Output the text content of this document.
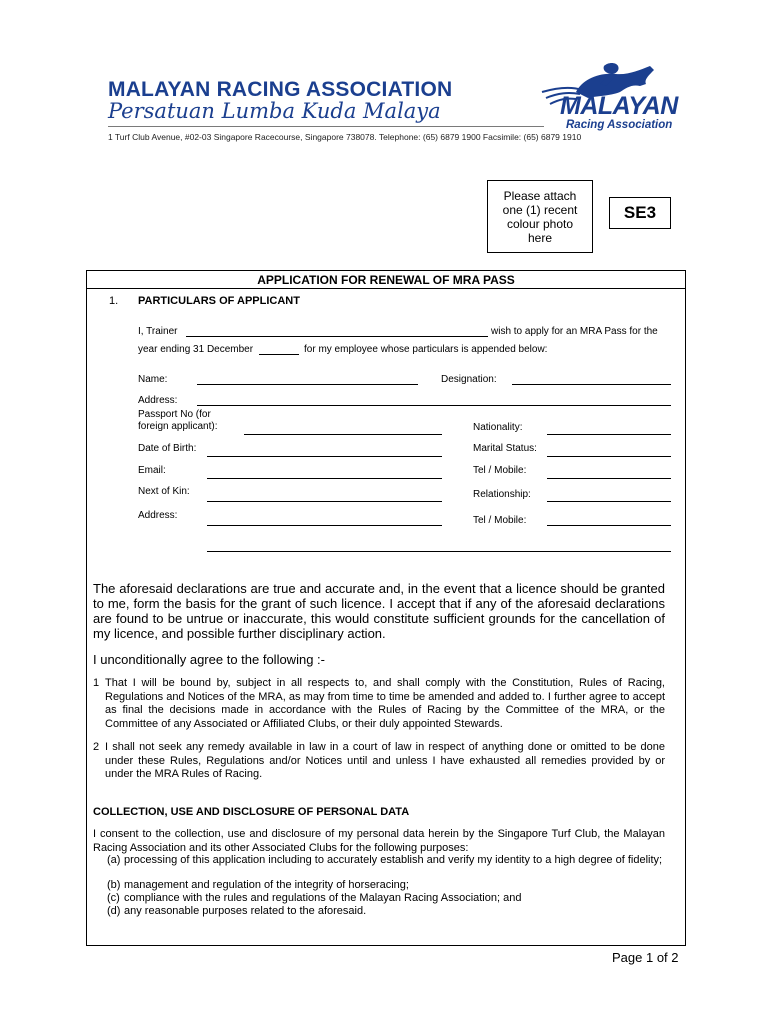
MALAYAN RACING ASSOCIATION
Persatuan Lumba Kuda Malaya
1 Turf Club Avenue, #02-03 Singapore Racecourse, Singapore 738078. Telephone: (65) 6879 1900 Facsimile: (65) 6879 1910
MALAYAN
Racing Association
Please attach one (1) recent colour photo here
SE3
APPLICATION FOR RENEWAL OF MRA PASS
1. PARTICULARS OF APPLICANT
I, Trainer	wish to apply for an MRA Pass for the
year ending 31 December	for my employee whose particulars is appended below:
Name:	Designation:
Address:
Passport No (for foreign applicant):	Nationality:
Date of Birth:	Marital Status:
Email:	Tel / Mobile:
Next of Kin:	Relationship:
Address:	Tel / Mobile:
The aforesaid declarations are true and accurate and, in the event that a licence should be granted to me, form the basis for the grant of such licence. I accept that if any of the aforesaid declarations are found to be untrue or inaccurate, this would constitute sufficient grounds for the cancellation of my licence, and possible further disciplinary action.
I unconditionally agree to the following :-
1 That I will be bound by, subject in all respects to, and shall comply with the Constitution, Rules of Racing, Regulations and Notices of the MRA, as may from time to time be amended and added to. I further agree to accept as final the decisions made in accordance with the Rules of Racing by the Committee of the MRA, or the Committee of any Associated or Affiliated Clubs, or their duly appointed Stewards.
2 I shall not seek any remedy available in law in a court of law in respect of anything done or omitted to be done under these Rules, Regulations and/or Notices until and unless I have exhausted all remedies provided by or under the MRA Rules of Racing.
COLLECTION, USE AND DISCLOSURE OF PERSONAL DATA
I consent to the collection, use and disclosure of my personal data herein by the Singapore Turf Club, the Malayan Racing Association and its other Associated Clubs for the following purposes:
(a) processing of this application including to accurately establish and verify my identity to a high degree of fidelity;
(b) management and regulation of the integrity of horseracing;
(c) compliance with the rules and regulations of the Malayan Racing Association; and
(d) any reasonable purposes related to the aforesaid.
Page 1 of 2
